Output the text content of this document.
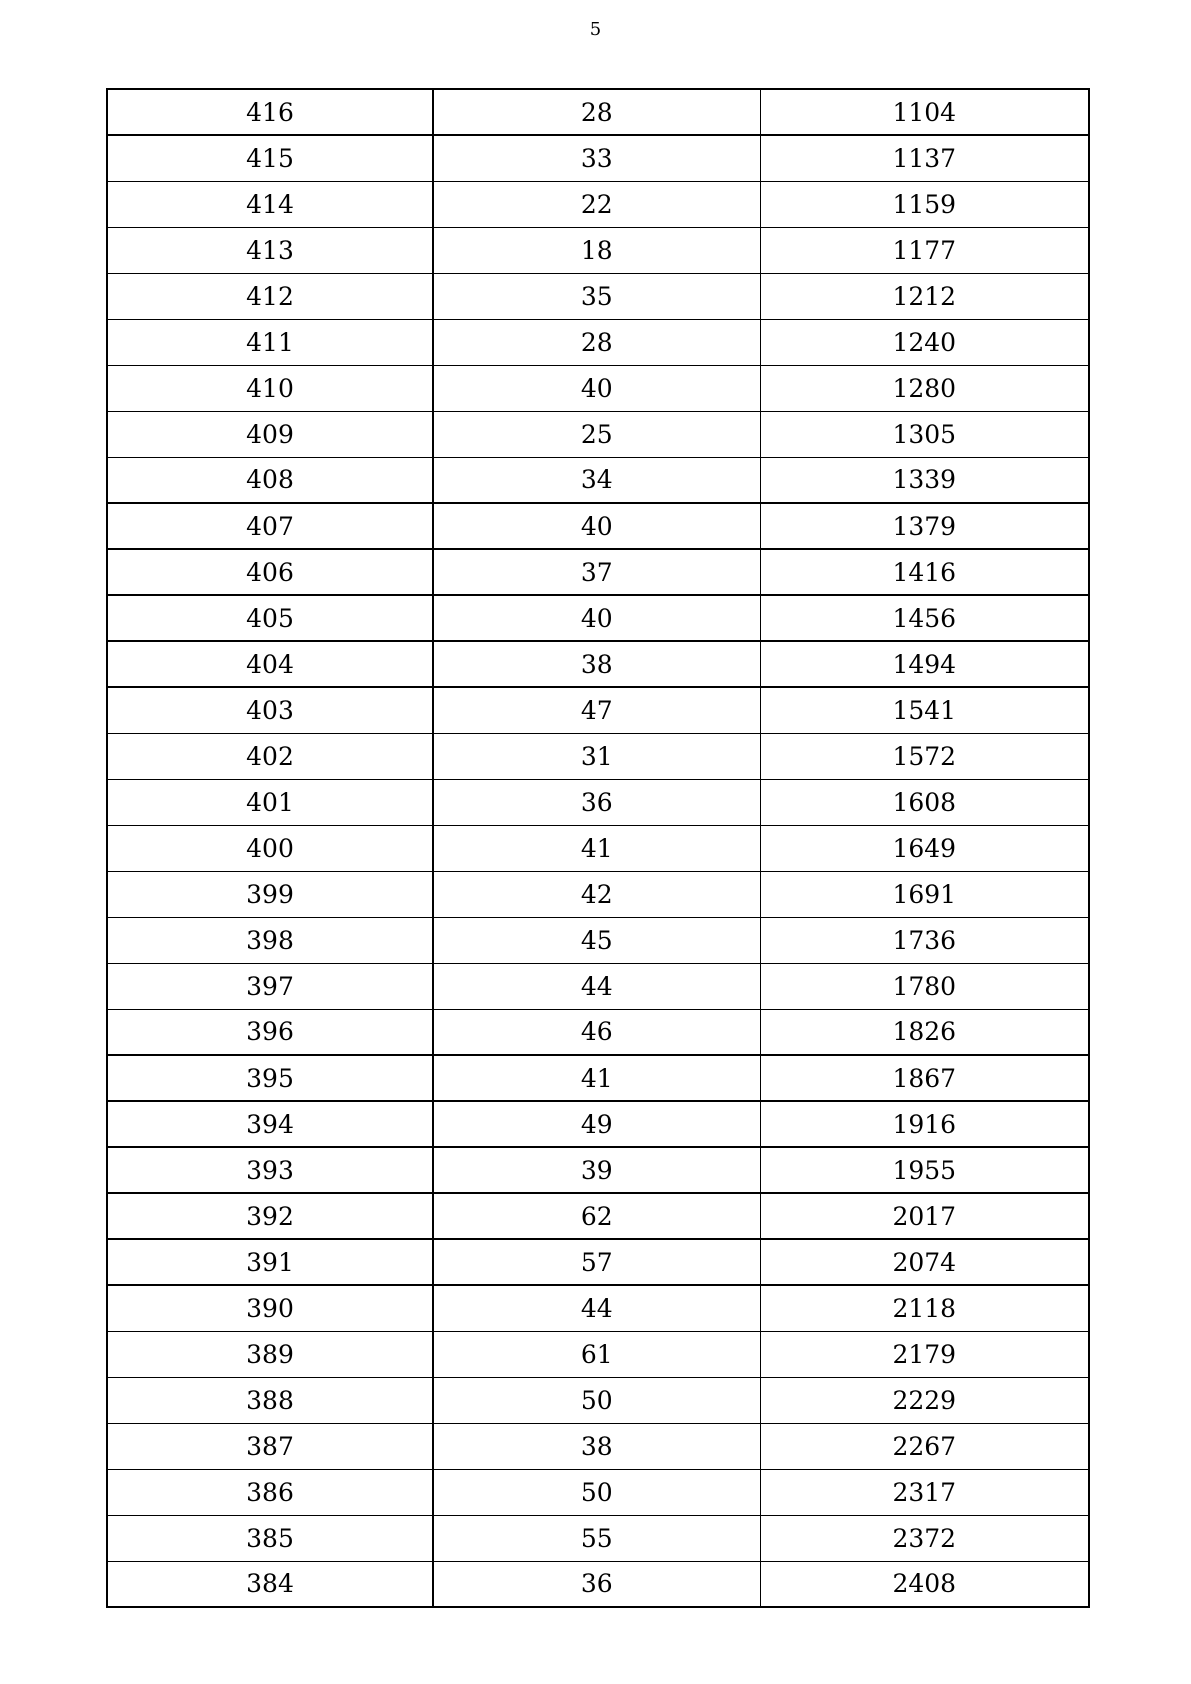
5
416	28	1104
415	33	1137
414	22	1159
413	18	1177
412	35	1212
411	28	1240
410	40	1280
409	25	1305
408	34	1339
407	40	1379
406	37	1416
405	40	1456
404	38	1494
403	47	1541
402	31	1572
401	36	1608
400	41	1649
399	42	1691
398	45	1736
397	44	1780
396	46	1826
395	41	1867
394	49	1916
393	39	1955
392	62	2017
391	57	2074
390	44	2118
389	61	2179
388	50	2229
387	38	2267
386	50	2317
385	55	2372
384	36	2408
